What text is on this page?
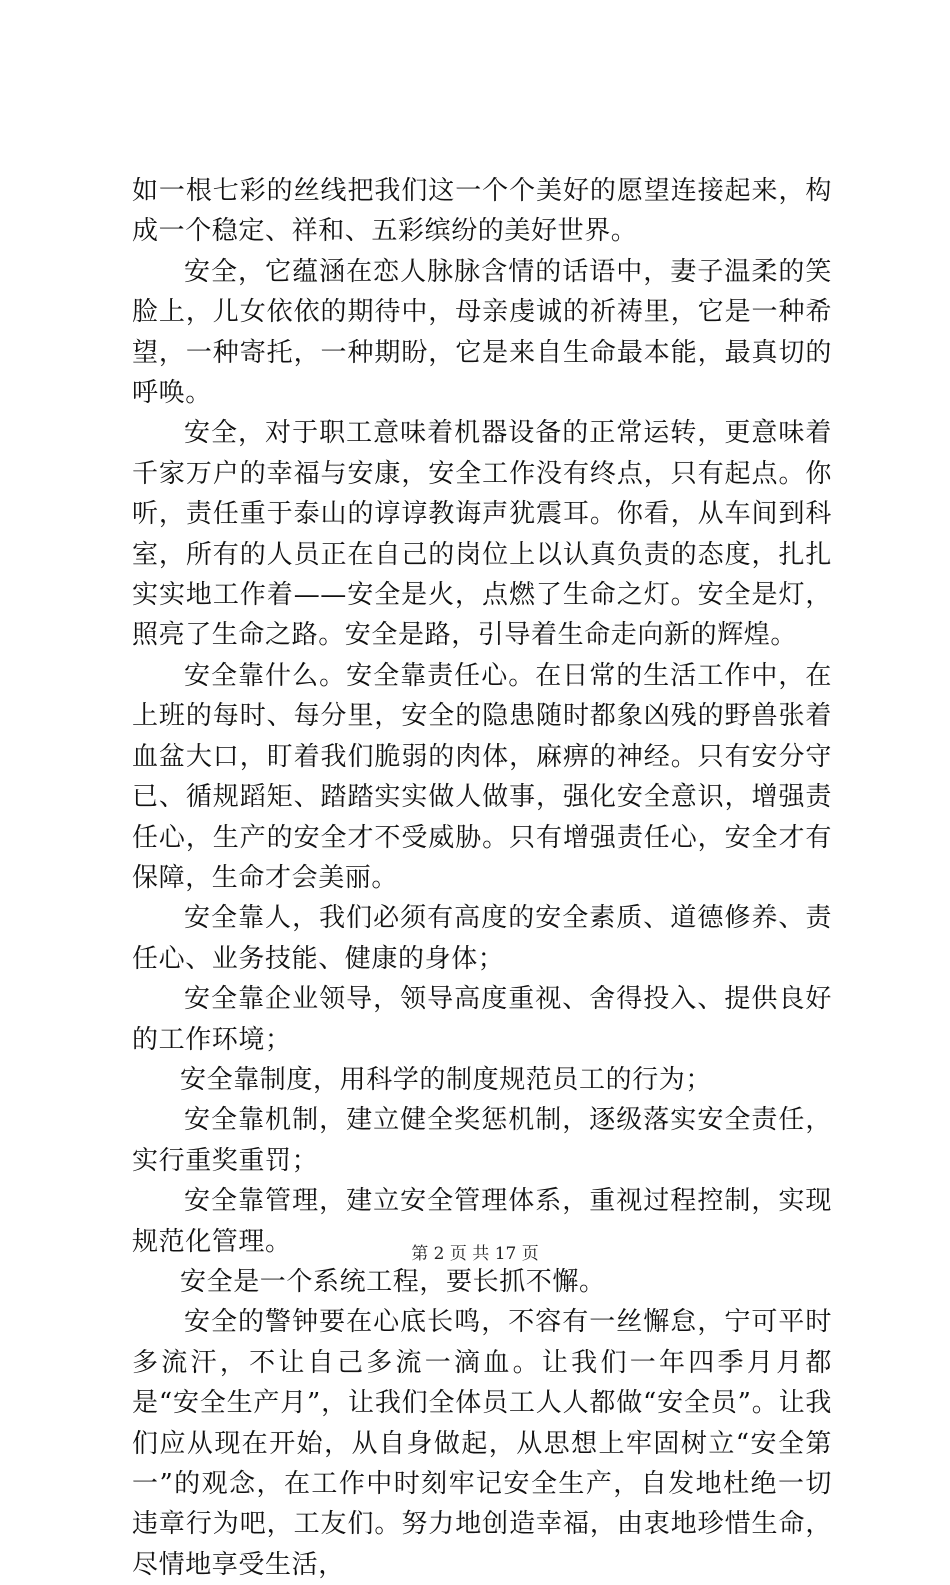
如一根七彩的丝线把我们这一个个美好的愿望连接起来，构成一个稳定、祥和、五彩缤纷的美好世界。

安全，它蕴涵在恋人脉脉含情的话语中，妻子温柔的笑脸上，儿女依依的期待中，母亲虔诚的祈祷里，它是一种希望，一种寄托，一种期盼，它是来自生命最本能，最真切的呼唤。

安全，对于职工意味着机器设备的正常运转，更意味着千家万户的幸福与安康，安全工作没有终点，只有起点。你听，责任重于泰山的谆谆教诲声犹震耳。你看，从车间到科室，所有的人员正在自己的岗位上以认真负责的态度，扎扎实实地工作着——安全是火，点燃了生命之灯。安全是灯，照亮了生命之路。安全是路，引导着生命走向新的辉煌。

安全靠什么。安全靠责任心。在日常的生活工作中，在上班的每时、每分里，安全的隐患随时都象凶残的野兽张着血盆大口，盯着我们脆弱的肉体，麻痹的神经。只有安分守已、循规蹈矩、踏踏实实做人做事，强化安全意识，增强责任心，生产的安全才不受威胁。只有增强责任心，安全才有保障，生命才会美丽。

安全靠人，我们必须有高度的安全素质、道德修养、责任心、业务技能、健康的身体；

安全靠企业领导，领导高度重视、舍得投入、提供良好的工作环境；

安全靠制度，用科学的制度规范员工的行为；

安全靠机制，建立健全奖惩机制，逐级落实安全责任，实行重奖重罚；

安全靠管理，建立安全管理体系，重视过程控制，实现规范化管理。

安全是一个系统工程，要长抓不懈。

安全的警钟要在心底长鸣，不容有一丝懈怠，宁可平时多流汗，不让自己多流一滴血。让我们一年四季月月都是“安全生产月”，让我们全体员工人人都做“安全员”。让我们应从现在开始，从自身做起，从思想上牢固树立“安全第一”的观念，在工作中时刻牢记安全生产，自发地杜绝一切违章行为吧，工友们。努力地创造幸福，由衷地珍惜生命，尽情地享受生活，

第 2 页 共 17 页
